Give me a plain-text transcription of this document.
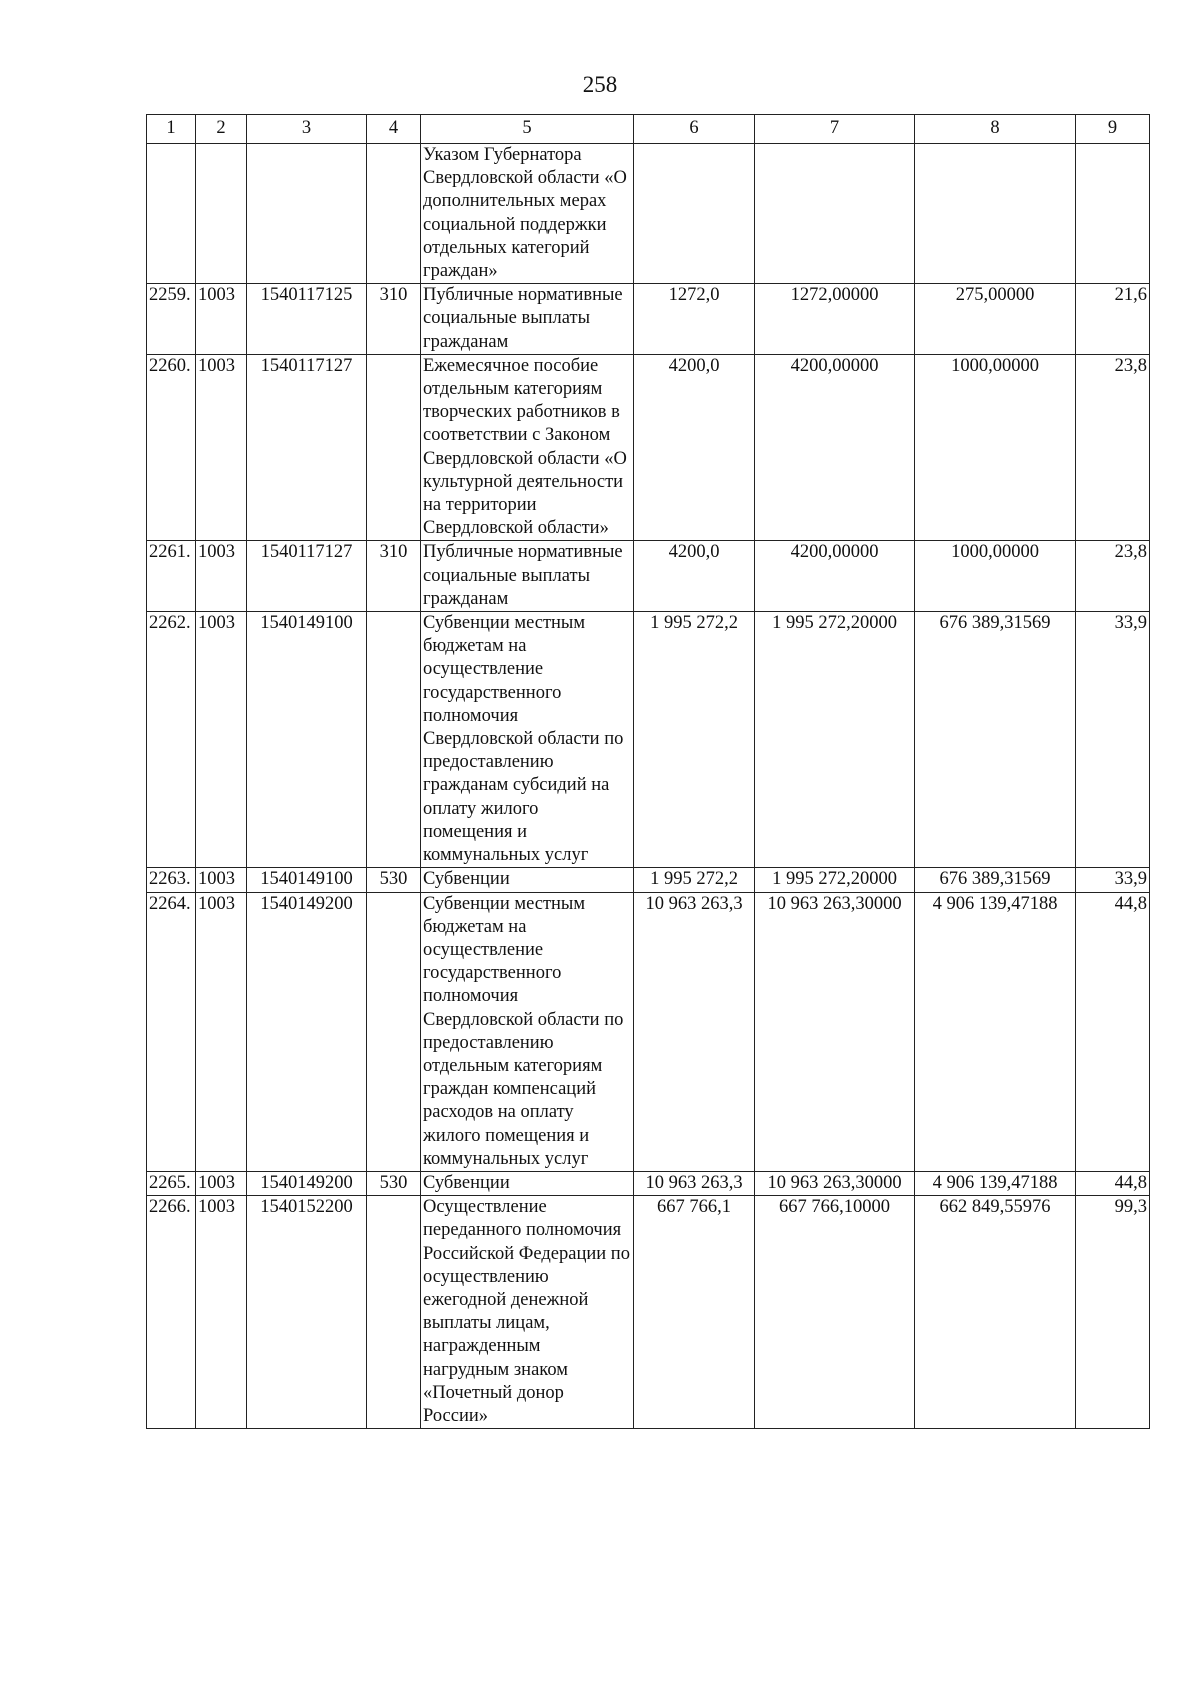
258
1	2	3	4	5	6	7	8	9
				Указом Губернатора Свердловской области «О дополнительных мерах социальной поддержки отдельных категорий граждан»				
2259.	1003	1540117125	310	Публичные нормативные социальные выплаты гражданам	1272,0	1272,00000	275,00000	21,6
2260.	1003	1540117127		Ежемесячное пособие отдельным категориям творческих работников в соответствии с Законом Свердловской области «О культурной деятельности на территории Свердловской области»	4200,0	4200,00000	1000,00000	23,8
2261.	1003	1540117127	310	Публичные нормативные социальные выплаты гражданам	4200,0	4200,00000	1000,00000	23,8
2262.	1003	1540149100		Субвенции местным бюджетам на осуществление государственного полномочия Свердловской области по предоставлению гражданам субсидий на оплату жилого помещения и коммунальных услуг	1 995 272,2	1 995 272,20000	676 389,31569	33,9
2263.	1003	1540149100	530	Субвенции	1 995 272,2	1 995 272,20000	676 389,31569	33,9
2264.	1003	1540149200		Субвенции местным бюджетам на осуществление государственного полномочия Свердловской области по предоставлению отдельным категориям граждан компенсаций расходов на оплату жилого помещения и коммунальных услуг	10 963 263,3	10 963 263,30000	4 906 139,47188	44,8
2265.	1003	1540149200	530	Субвенции	10 963 263,3	10 963 263,30000	4 906 139,47188	44,8
2266.	1003	1540152200		Осуществление переданного полномочия Российской Федерации по осуществлению ежегодной денежной выплаты лицам, награжденным нагрудным знаком «Почетный донор России»	667 766,1	667 766,10000	662 849,55976	99,3
